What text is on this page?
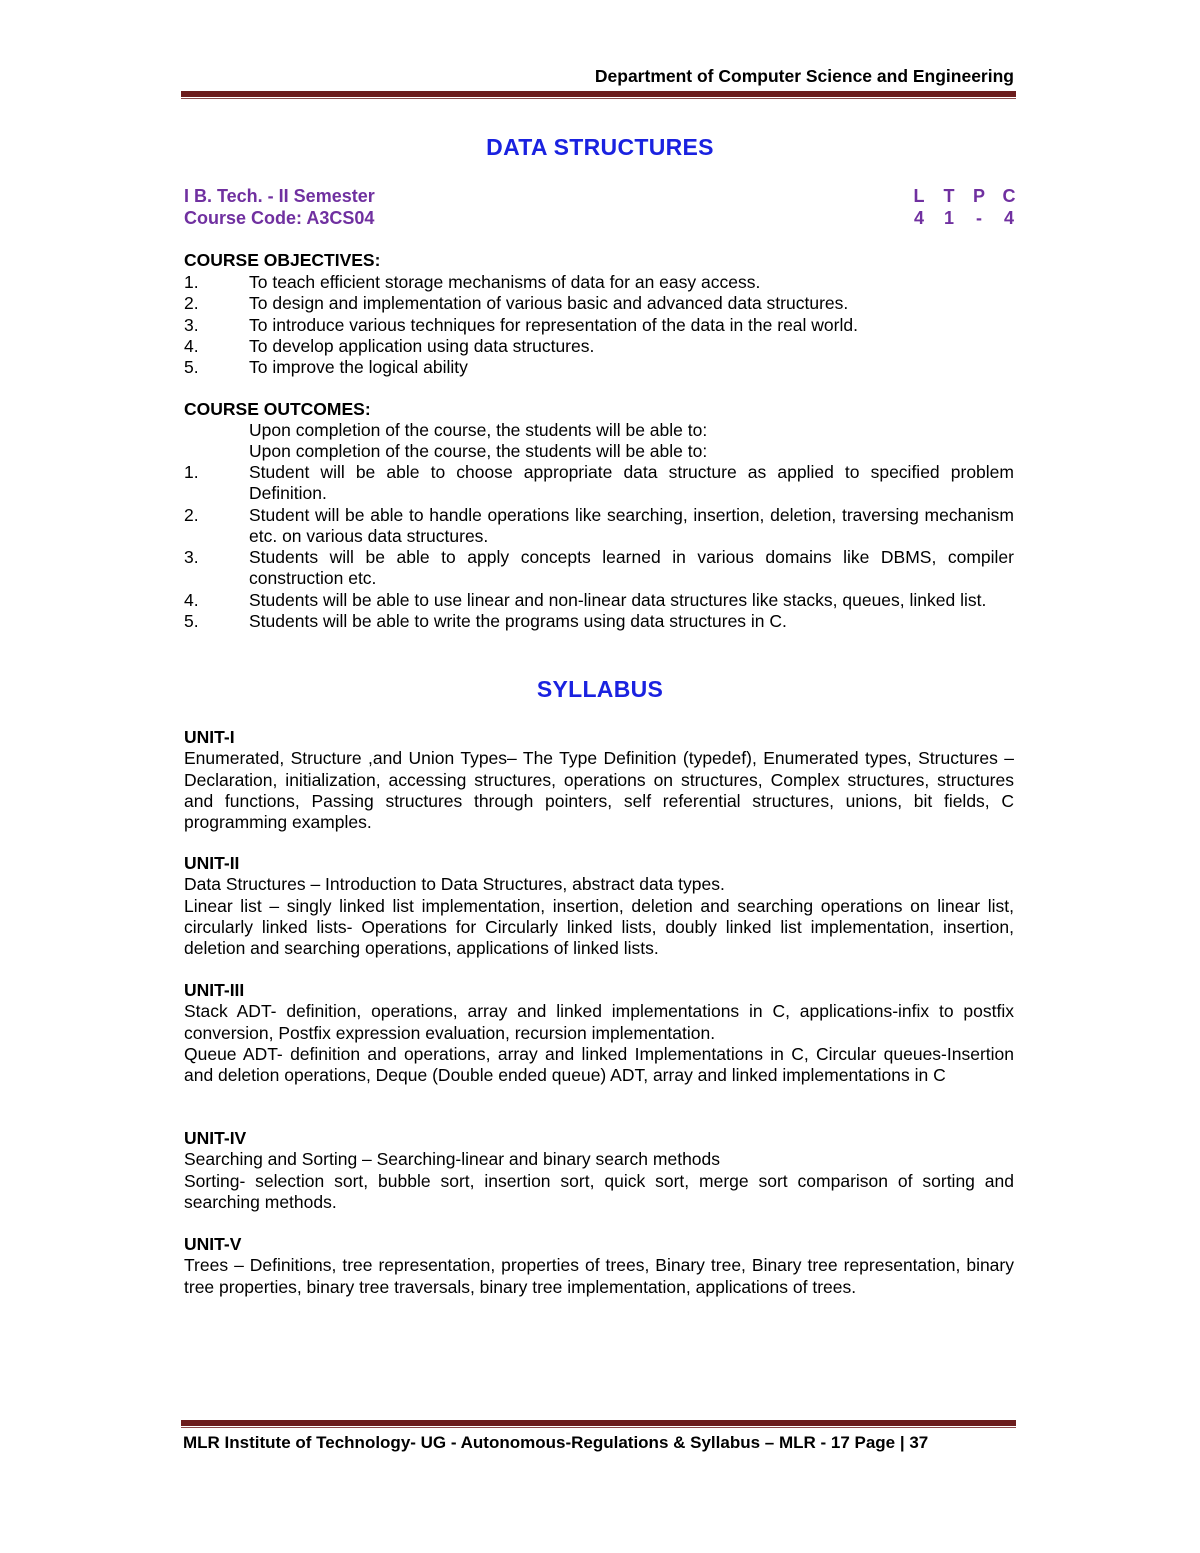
Department of Computer Science and Engineering
DATA STRUCTURES
I B. Tech. - II Semester
Course Code: A3CS04
L T P C
4 1 - 4
COURSE OBJECTIVES:
1.	To teach efficient storage mechanisms of data for an easy access.
2.	To design and implementation of various basic and advanced data structures.
3.	To introduce various techniques for representation of the data in the real world.
4.	To develop application using data structures.
5.	To improve the logical ability
COURSE OUTCOMES:
Upon completion of the course, the students will be able to:
Upon completion of the course, the students will be able to:
1.	Student will be able to choose appropriate data structure as applied to specified problem Definition.
2.	Student will be able to handle operations like searching, insertion, deletion, traversing mechanism etc. on various data structures.
3.	Students will be able to apply concepts learned in various domains like DBMS, compiler construction etc.
4.	Students will be able to use linear and non-linear data structures like stacks, queues, linked list.
5.	Students will be able to write the programs using data structures in C.
SYLLABUS
UNIT-I

Enumerated, Structure ,and Union Types– The Type Definition (typedef), Enumerated types, Structures –Declaration, initialization, accessing structures, operations on structures, Complex structures, structures and functions, Passing structures through pointers, self referential structures, unions, bit fields, C programming examples.

UNIT-II

Data Structures – Introduction to Data Structures, abstract data types.

Linear list – singly linked list implementation, insertion, deletion and searching operations on linear list, circularly linked lists- Operations for Circularly linked lists, doubly linked list implementation, insertion, deletion and searching operations, applications of linked lists.

UNIT-III

Stack ADT- definition, operations, array and linked implementations in C, applications-infix to postfix conversion, Postfix expression evaluation, recursion implementation.

Queue ADT- definition and operations, array and linked Implementations in C, Circular queues-Insertion and deletion operations, Deque (Double ended queue) ADT, array and linked implementations in C

UNIT-IV

Searching and Sorting – Searching-linear and binary search methods

Sorting- selection sort, bubble sort, insertion sort, quick sort, merge sort comparison of sorting and searching methods.

UNIT-V

Trees – Definitions, tree representation, properties of trees, Binary tree, Binary tree representation, binary tree properties, binary tree traversals, binary tree implementation, applications of trees.

MLR Institute of Technology- UG - Autonomous-Regulations & Syllabus – MLR - 17 Page | 37
